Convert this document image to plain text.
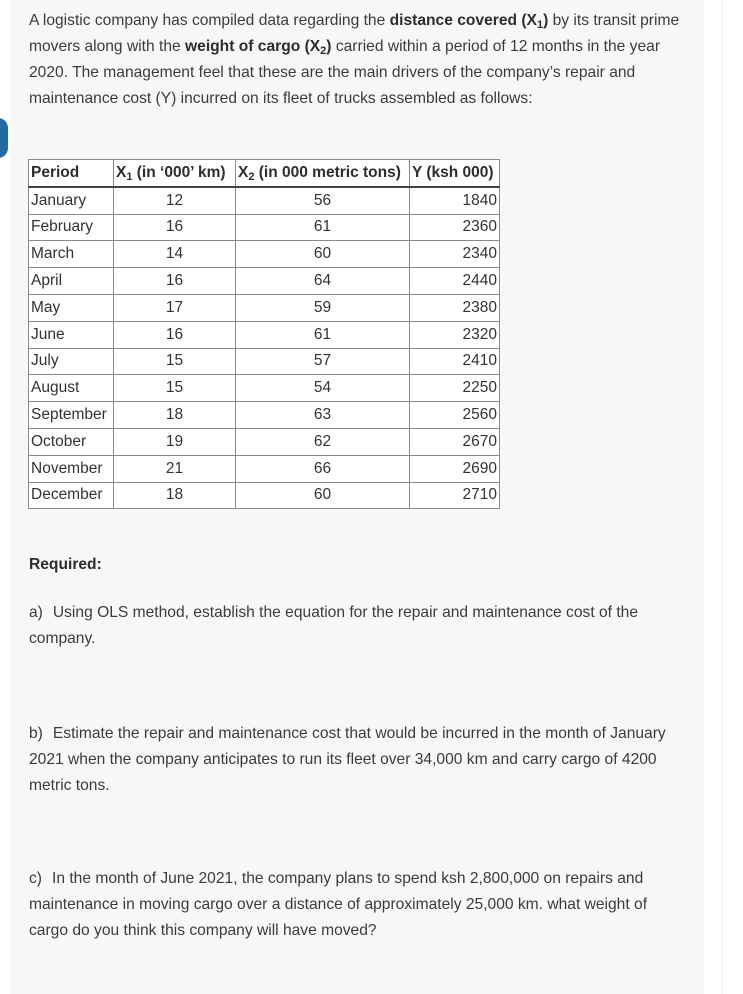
A logistic company has compiled data regarding the distance covered (X1) by its transit prime movers along with the weight of cargo (X2) carried within a period of 12 months in the year 2020. The management feel that these are the main drivers of the company’s repair and maintenance cost (Y) incurred on its fleet of trucks assembled as follows:
Period	X1 (in ‘000’ km)	X2 (in 000 metric tons)	Y (ksh 000)
January	12	56	1840
February	16	61	2360
March	14	60	2340
April	16	64	2440
May	17	59	2380
June	16	61	2320
July	15	57	2410
August	15	54	2250
September	18	63	2560
October	19	62	2670
November	21	66	2690
December	18	60	2710
Required:
a) Using OLS method, establish the equation for the repair and maintenance cost of the company.
b) Estimate the repair and maintenance cost that would be incurred in the month of January 2021 when the company anticipates to run its fleet over 34,000 km and carry cargo of 4200 metric tons.
c) In the month of June 2021, the company plans to spend ksh 2,800,000 on repairs and maintenance in moving cargo over a distance of approximately 25,000 km. what weight of cargo do you think this company will have moved?
